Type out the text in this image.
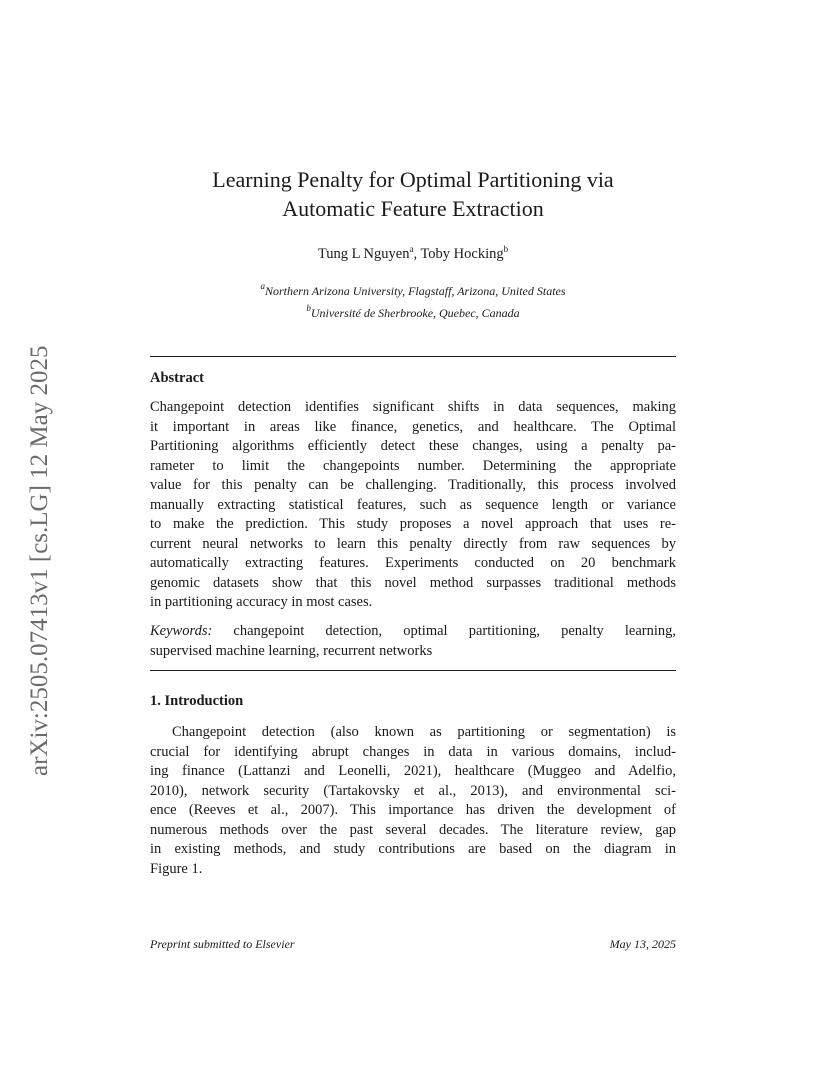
arXiv:2505.07413v1 [cs.LG] 12 May 2025
Learning Penalty for Optimal Partitioning via
Automatic Feature Extraction
Tung L Nguyen$^a$, Toby Hocking$^b$
$^a$Northern Arizona University, Flagstaff, Arizona, United States
$^b$Université de Sherbrooke, Quebec, Canada
Abstract
Changepoint detection identifies significant shifts in data sequences, making
it important in areas like finance, genetics, and healthcare. The Optimal
Partitioning algorithms efficiently detect these changes, using a penalty pa-
rameter to limit the changepoints number. Determining the appropriate
value for this penalty can be challenging. Traditionally, this process involved
manually extracting statistical features, such as sequence length or variance
to make the prediction. This study proposes a novel approach that uses re-
current neural networks to learn this penalty directly from raw sequences by
automatically extracting features. Experiments conducted on 20 benchmark
genomic datasets show that this novel method surpasses traditional methods
in partitioning accuracy in most cases.
Keywords: changepoint detection, optimal partitioning, penalty learning,
supervised machine learning, recurrent networks
1. Introduction
Changepoint detection (also known as partitioning or segmentation) is
crucial for identifying abrupt changes in data in various domains, includ-
ing finance (Lattanzi and Leonelli, 2021), healthcare (Muggeo and Adelfio,
2010), network security (Tartakovsky et al., 2013), and environmental sci-
ence (Reeves et al., 2007). This importance has driven the development of
numerous methods over the past several decades. The literature review, gap
in existing methods, and study contributions are based on the diagram in
Figure 1.
Preprint submitted to Elsevier	May 13, 2025
